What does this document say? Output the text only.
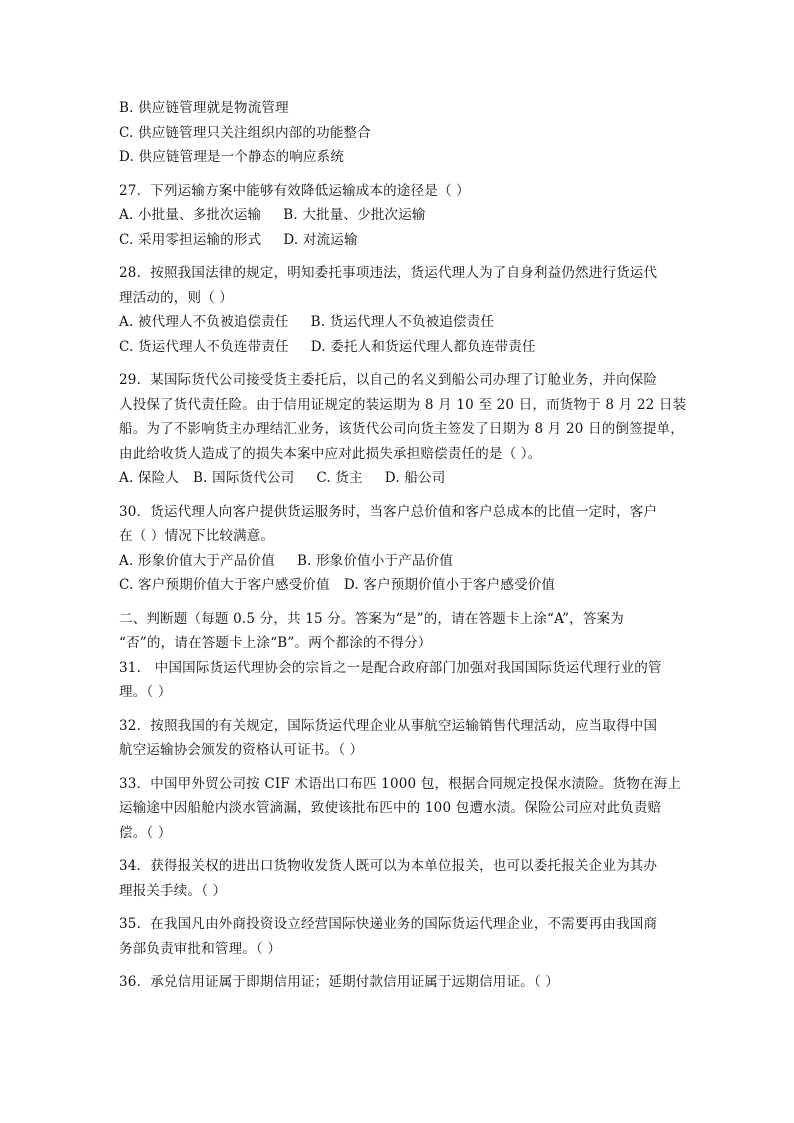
B. 供应链管理就是物流管理
C. 供应链管理只关注组织内部的功能整合
D. 供应链管理是一个静态的响应系统
27．下列运输方案中能够有效降低运输成本的途径是（ ）
A. 小批量、多批次运输 B. 大批量、少批次运输
C. 采用零担运输的形式 D. 对流运输
28．按照我国法律的规定，明知委托事项违法，货运代理人为了自身利益仍然进行货运代
理活动的，则（ ）
A. 被代理人不负被追偿责任 B. 货运代理人不负被追偿责任
C. 货运代理人不负连带责任 D. 委托人和货运代理人都负连带责任
29．某国际货代公司接受货主委托后，以自己的名义到船公司办理了订舱业务，并向保险
人投保了货代责任险。由于信用证规定的装运期为 8 月 10 至 20 日，而货物于 8 月 22 日装
船。为了不影响货主办理结汇业务，该货代公司向货主签发了日期为 8 月 20 日的倒签提单，
由此给收货人造成了的损失本案中应对此损失承担赔偿责任的是（ ）。
A. 保险人 B. 国际货代公司 C. 货主 D. 船公司
30．货运代理人向客户提供货运服务时，当客户总价值和客户总成本的比值一定时，客户
在（ ）情况下比较满意。
A. 形象价值大于产品价值 B. 形象价值小于产品价值
C. 客户预期价值大于客户感受价值 D. 客户预期价值小于客户感受价值
二、判断题（每题 0.5 分，共 15 分。答案为“是”的，请在答题卡上涂“A”，答案为
“否”的，请在答题卡上涂“B”。两个都涂的不得分）
31． 中国国际货运代理协会的宗旨之一是配合政府部门加强对我国国际货运代理行业的管
理。（ ）
32．按照我国的有关规定，国际货运代理企业从事航空运输销售代理活动，应当取得中国
航空运输协会颁发的资格认可证书。（ ）
33．中国甲外贸公司按 CIF 术语出口布匹 1000 包，根据合同规定投保水渍险。货物在海上
运输途中因船舱内淡水管滴漏，致使该批布匹中的 100 包遭水渍。保险公司应对此负责赔
偿。（ ）
34．获得报关权的进出口货物收发货人既可以为本单位报关，也可以委托报关企业为其办
理报关手续。（ ）
35．在我国凡由外商投资设立经营国际快递业务的国际货运代理企业，不需要再由我国商
务部负责审批和管理。（ ）
36．承兑信用证属于即期信用证；延期付款信用证属于远期信用证。（ ）
